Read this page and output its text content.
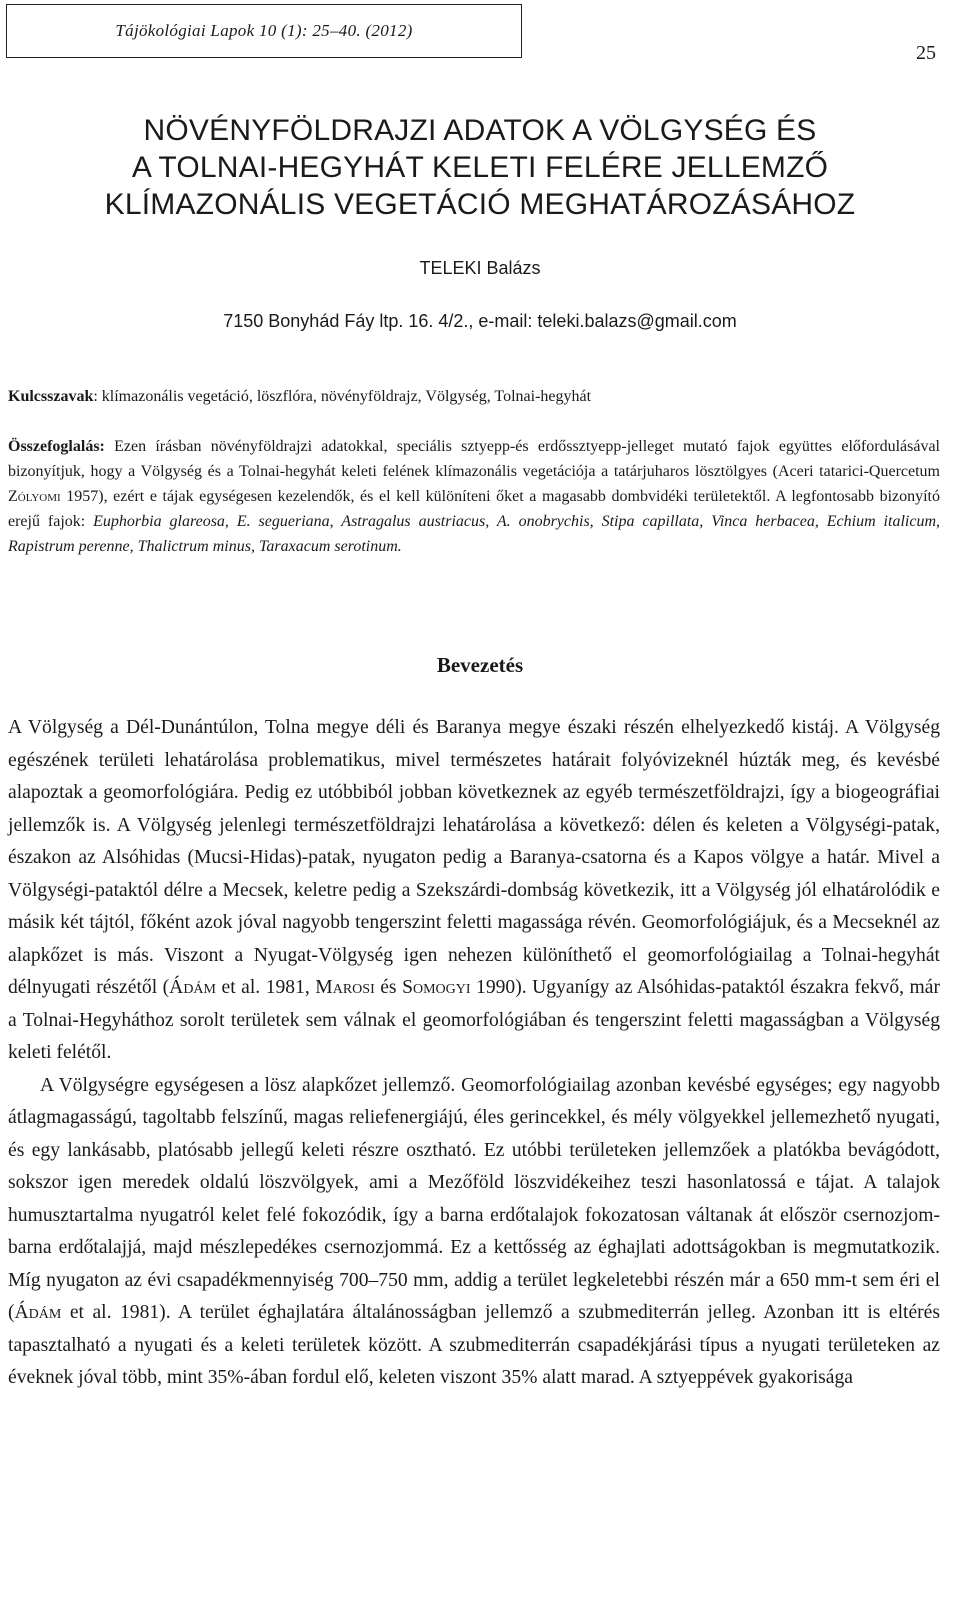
Tájökológiai Lapok 10 (1): 25–40. (2012)
25
NÖVÉNYFÖLDRAJZI ADATOK A VÖLGYSÉG ÉS
A TOLNAI-HEGYHÁT KELETI FELÉRE JELLEMZŐ
KLÍMAZONÁLIS VEGETÁCIÓ MEGHATÁROZÁSÁHOZ
TELEKI Balázs
7150 Bonyhád Fáy ltp. 16. 4/2., e-mail: teleki.balazs@gmail.com
Kulcsszavak: klímazonális vegetáció, löszflóra, növényföldrajz, Völgység, Tolnai-hegyhát
Összefoglalás: Ezen írásban növényföldrajzi adatokkal, speciális sztyepp-és erdőssztyepp-jelleget mutató fajok együttes előfordulásával bizonyítjuk, hogy a Völgység és a Tolnai-hegyhát keleti felének klímazonális vegetációja a tatárjuharos lösztölgyes (Aceri tatarici-Quercetum Zólyomi 1957), ezért e tájak egységesen kezelendők, és el kell különíteni őket a magasabb dombvidéki területektől. A legfontosabb bizonyító erejű fajok: Euphorbia glareosa, E. segueriana, Astragalus austriacus, A. onobrychis, Stipa capillata, Vinca herbacea, Echium italicum, Rapistrum perenne, Thalictrum minus, Taraxacum serotinum.
Bevezetés

A Völgység a Dél-Dunántúlon, Tolna megye déli és Baranya megye északi részén elhelyezkedő kistáj. A Völgység egészének területi lehatárolása problematikus, mivel természetes határait folyóvizeknél húzták meg, és kevésbé alapoztak a geomorfológiára. Pedig ez utóbbiból jobban következnek az egyéb természetföldrajzi, így a biogeográfiai jellemzők is. A Völgység jelenlegi természetföldrajzi lehatárolása a következő: délen és keleten a Völgységi-patak, északon az Alsóhidas (Mucsi-Hidas)-patak, nyugaton pedig a Baranya-csatorna és a Kapos völgye a határ. Mivel a Völgységi-pataktól délre a Mecsek, keletre pedig a Szekszárdi-dombság következik, itt a Völgység jól elhatárolódik e másik két tájtól, főként azok jóval nagyobb tengerszint feletti magassága révén. Geomorfológiájuk, és a Mecseknél az alapkőzet is más. Viszont a Nyugat-Völgység igen nehezen különíthető el geomorfológiailag a Tolnai-hegyhát délnyugati részétől (Ádám et al. 1981, Marosi és Somogyi 1990). Ugyanígy az Alsóhidas-pataktól északra fekvő, már a Tolnai-Hegyháthoz sorolt területek sem válnak el geomorfológiában és tengerszint feletti magasságban a Völgység keleti felétől.

A Völgységre egységesen a lösz alapkőzet jellemző. Geomorfológiailag azonban kevésbé egységes; egy nagyobb átlagmagasságú, tagoltabb felszínű, magas reliefenergiájú, éles gerincekkel, és mély völgyekkel jellemezhető nyugati, és egy lankásabb, platósabb jellegű keleti részre osztható. Ez utóbbi területeken jellemzőek a platókba bevágódott, sokszor igen meredek oldalú löszvölgyek, ami a Mezőföld löszvidékeihez teszi hasonlatossá e tájat. A talajok humusztartalma nyugatról kelet felé fokozódik, így a barna erdőtalajok fokozatosan váltanak át először csernozjom-barna erdőtalajjá, majd mészlepedékes csernozjommá. Ez a kettősség az éghajlati adottságokban is megmutatkozik. Míg nyugaton az évi csapadékmennyiség 700–750 mm, addig a terület legkeletebbi részén már a 650 mm-t sem éri el (Ádám et al. 1981). A terület éghajlatára általánosságban jellemző a szubmediterrán jelleg. Azonban itt is eltérés tapasztalható a nyugati és a keleti területek között. A szubmediterrán csapadékjárási típus a nyugati területeken az éveknek jóval több, mint 35%-ában fordul elő, keleten viszont 35% alatt marad. A sztyeppévek gyakorisága
